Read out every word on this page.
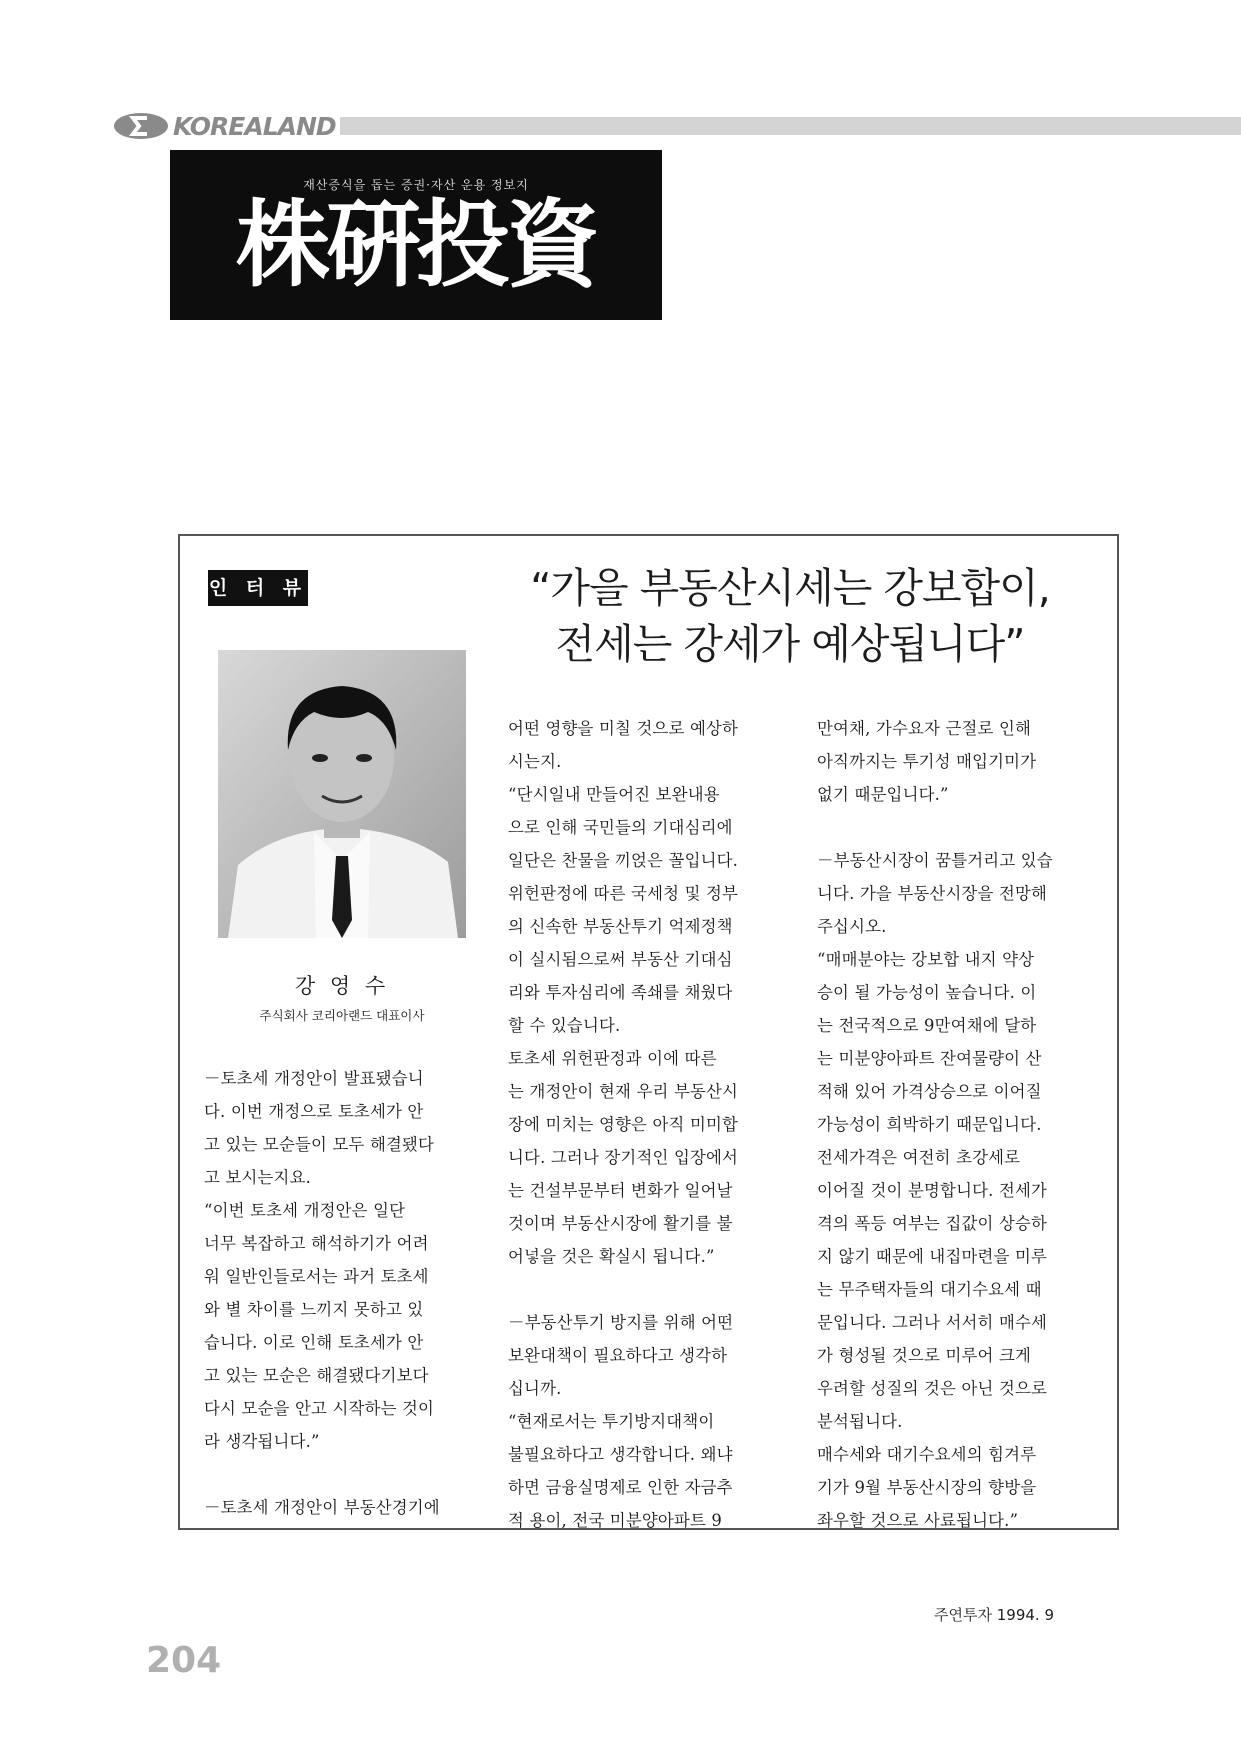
KOREALAND
재산증식을 돕는 증권·자산 운용 정보지
株硏投資
인 터 뷰	“가을 부동산시세는 강보합이,
전세는 강세가 예상됩니다”
강 영 수
주식회사 코리아랜드 대표이사

－토초세 개정안이 발표됐습니

다. 이번 개정으로 토초세가 안

고 있는 모순들이 모두 해결됐다

고 보시는지요.

“이번 토초세 개정안은 일단

너무 복잡하고 해석하기가 어려

워 일반인들로서는 과거 토초세

와 별 차이를 느끼지 못하고 있

습니다. 이로 인해 토초세가 안

고 있는 모순은 해결됐다기보다

다시 모순을 안고 시작하는 것이

라 생각됩니다.”

－토초세 개정안이 부동산경기에

어떤 영향을 미칠 것으로 예상하

시는지.

“단시일내 만들어진 보완내용

으로 인해 국민들의 기대심리에

일단은 찬물을 끼얹은 꼴입니다.

위헌판정에 따른 국세청 및 정부

의 신속한 부동산투기 억제정책

이 실시됨으로써 부동산 기대심

리와 투자심리에 족쇄를 채웠다

할 수 있습니다.

토초세 위헌판정과 이에 따른

는 개정안이 현재 우리 부동산시

장에 미치는 영향은 아직 미미합

니다. 그러나 장기적인 입장에서

는 건설부문부터 변화가 일어날

것이며 부동산시장에 활기를 불

어넣을 것은 확실시 됩니다.”

－부동산투기 방지를 위해 어떤

보완대책이 필요하다고 생각하

십니까.

“현재로서는 투기방지대책이

불필요하다고 생각합니다. 왜냐

하면 금융실명제로 인한 자금추

적 용이, 전국 미분양아파트 9

만여채, 가수요자 근절로 인해

아직까지는 투기성 매입기미가

없기 때문입니다.”

－부동산시장이 꿈틀거리고 있습

니다. 가을 부동산시장을 전망해

주십시오.

“매매분야는 강보합 내지 약상

승이 될 가능성이 높습니다. 이

는 전국적으로 9만여채에 달하

는 미분양아파트 잔여물량이 산

적해 있어 가격상승으로 이어질

가능성이 희박하기 때문입니다.

전세가격은 여전히 초강세로

이어질 것이 분명합니다. 전세가

격의 폭등 여부는 집값이 상승하

지 않기 때문에 내집마련을 미루

는 무주택자들의 대기수요세 때

문입니다. 그러나 서서히 매수세

가 형성될 것으로 미루어 크게

우려할 성질의 것은 아닌 것으로

분석됩니다.

매수세와 대기수요세의 힘겨루

기가 9월 부동산시장의 향방을

좌우할 것으로 사료됩니다.”

주연투자 1994. 9
204
